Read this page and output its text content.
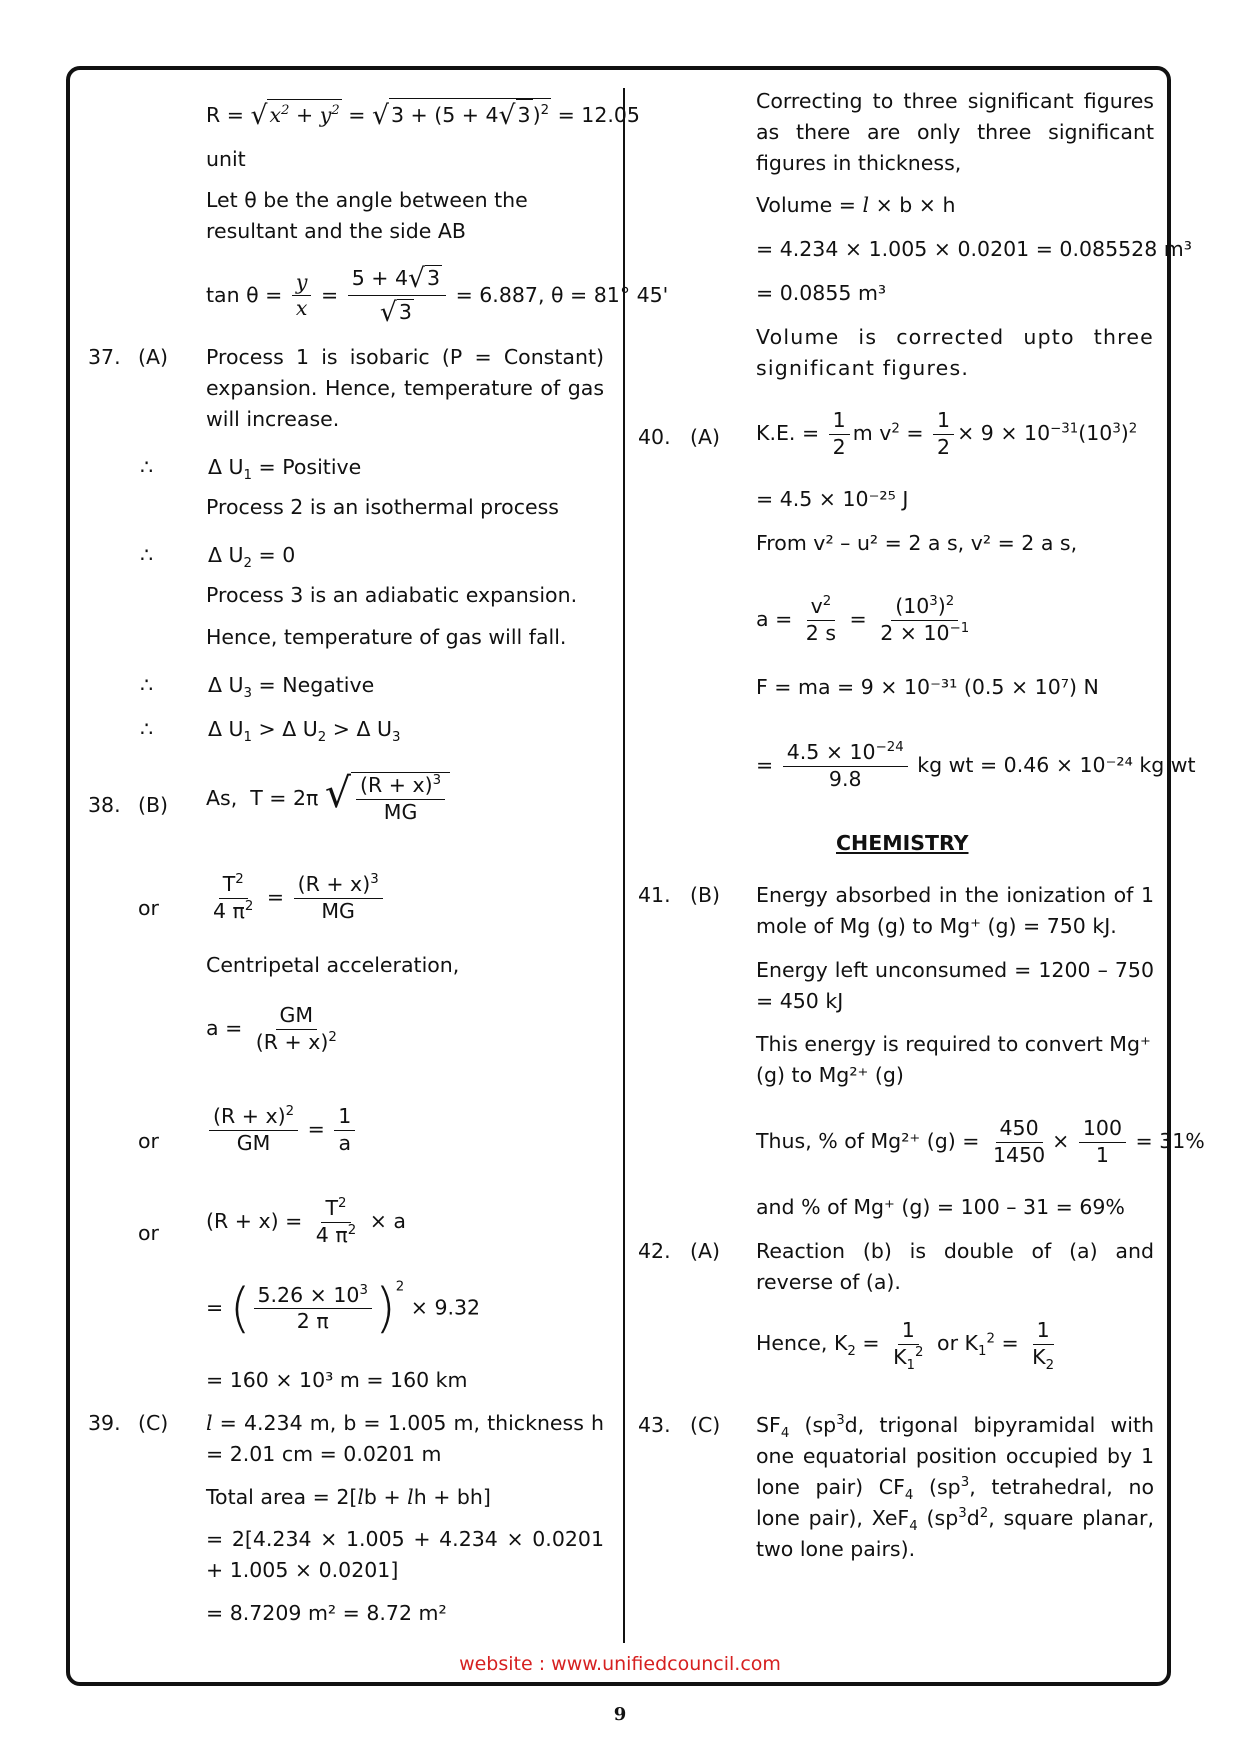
$R = √x^2 + y^2 = √3 + (5 + 4√3)^2 = 12.05$
unit
Let θ be the angle between the resultant and the side AB
$\tan \theta = \frac{y}{x} = \frac{5 + 4√3}{√3} = 6.887$, θ = 81° 45'
37. (A) Process 1 is isobaric (P = Constant) expansion. Hence, temperature of gas will increase.
∴	Δ $U_1$ = Positive
Process 2 is an isothermal process
∴	Δ $U_2 = 0$
Process 3 is an adiabatic expansion.
Hence, temperature of gas will fall.
∴	Δ $U_3$ = Negative
∴	Δ $U_1 > \Delta$ $U_2 > \Delta$ $U_3$
38. (B) As,  T = 2π √ $\frac{(R + x)^3}{MG}$
or $\frac{T^2}{4 \pi^2} = \frac{(R + x)^3}{MG}$
Centripetal acceleration,
$a = \frac{GM}{(R + x)^2}$
or $\frac{(R + x)^2}{GM} = \frac{1}{a}$
or $(R + x) = \frac{T^2}{4 \pi^2} \times a$
= ( $\frac{5.26 \times 10^3}{2 \pi} )^2 \times 9.32$
= 160 × 10³ m = 160 km
39. (C) l = 4.234 m, b = 1.005 m, thickness h = 2.01 cm = 0.0201 m
Total area = 2[lb + lh + bh]
= 2[4.234 × 1.005 + 4.234 × 0.0201 + 1.005 × 0.0201]
= 8.7209 m² = 8.72 m²
Correcting to three significant figures as there are only three significant figures in thickness,
Volume = l × b × h
= 4.234 × 1.005 × 0.0201 = 0.085528 m³
= 0.0855 m³
Volume is corrected upto three significant figures.
40. (A) K.E. = $\frac{1}{2}$ m $v^2 = \frac{1}{2} \times 9 \times 10^{-31}(10^3)^2$
= 4.5 × 10⁻²⁵ J
From v² – u² = 2 a s, v² = 2 a s,
$a = \frac{v^2}{2 s} = \frac{(10^3)^2}{2 \times 10^{-1}}$
F = ma = 9 × 10⁻³¹ (0.5 × 10⁷) N
= $\frac{4.5 \times 10^{-24}}{9.8}$ kg wt = 0.46 × 10⁻²⁴ kg wt
CHEMISTRY
41. (B) Energy absorbed in the ionization of 1 mole of Mg (g) to Mg⁺ (g) = 750 kJ.
Energy left unconsumed = 1200 – 750 = 450 kJ
This energy is required to convert Mg⁺ (g) to Mg²⁺ (g)
Thus, % of Mg²⁺ $(g) = \frac{450}{1450} \times \frac{100}{1} = 31\%$
and % of Mg⁺ (g) = 100 – 31 = 69%
42. (A) Reaction (b) is double of (a) and reverse of (a).
Hence, $K_2 = \frac{1}{K_1^2}$ or $K_1^2 = \frac{1}{K_2}$
43. (C) $SF_4$ ($sp^3d$, trigonal bipyramidal with one equatorial position occupied by 1 lone pair) $CF_4$ ($sp^3$, tetrahedral, no lone pair), XeF$_4$ ($sp^3d^2$, square planar, two lone pairs).
website : www.unifiedcouncil.com
9
